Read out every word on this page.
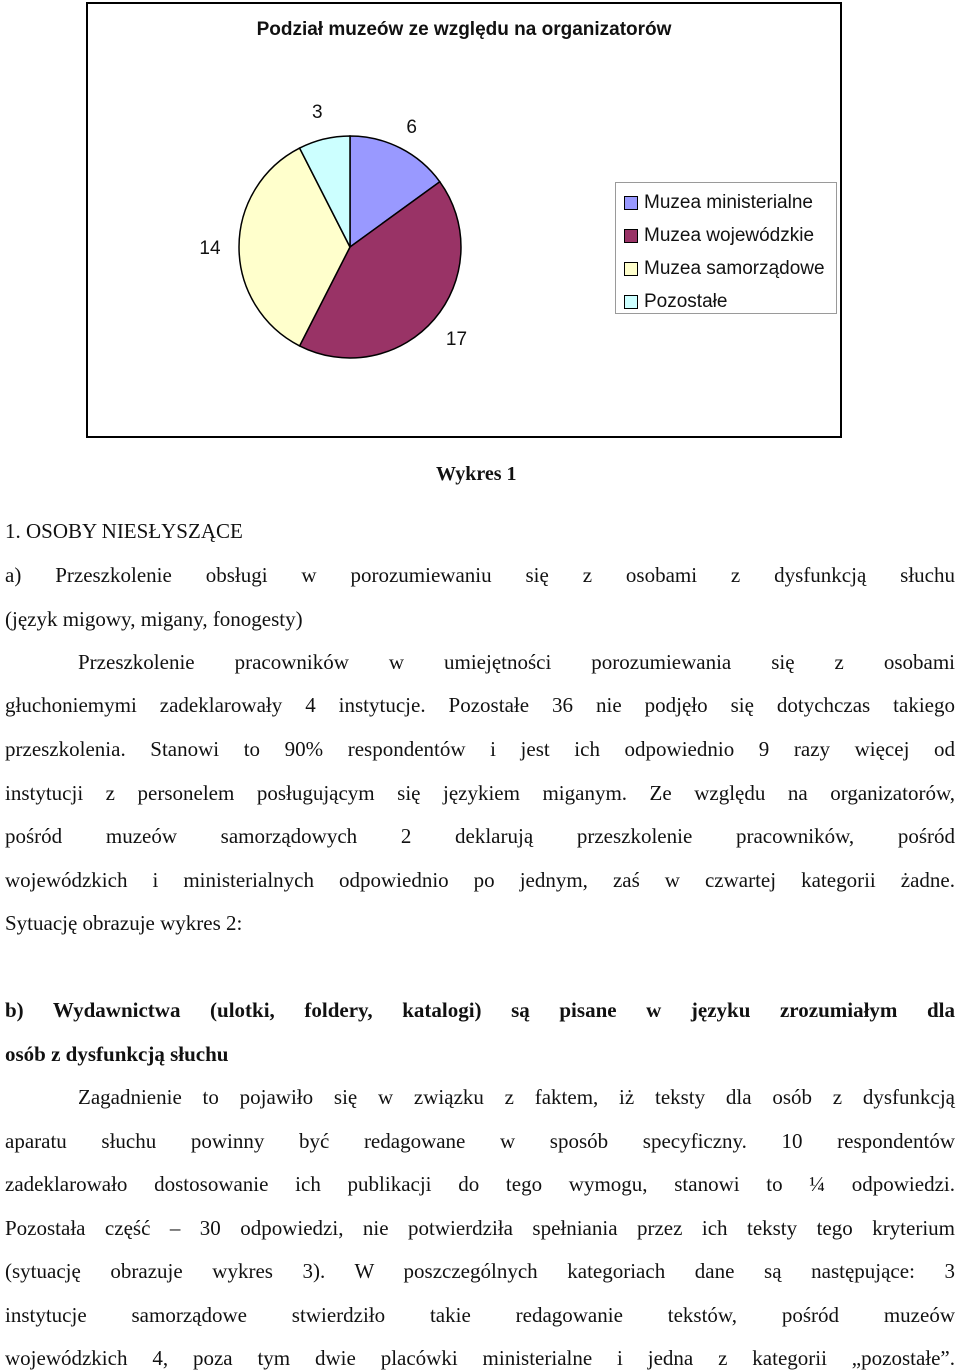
Podział muzeów ze względu na organizatorów
6
17
14
3
Muzea ministerialne
Muzea wojewódzkie
Muzea samorządowe
Pozostałe
Wykres 1
1. OSOBY NIESŁYSZĄCE
a) Przeszkolenie obsługi w porozumiewaniu się z osobami z dysfunkcją słuchu
(język migowy, migany, fonogesty)
Przeszkolenie pracowników w umiejętności porozumiewania się z osobami
głuchoniemymi zadeklarowały 4 instytucje. Pozostałe 36 nie podjęło się dotychczas takiego
przeszkolenia. Stanowi to 90% respondentów i jest ich odpowiednio 9 razy więcej od
instytucji z personelem posługującym się językiem miganym. Ze względu na organizatorów,
pośród muzeów samorządowych 2 deklarują przeszkolenie pracowników, pośród
wojewódzkich i ministerialnych odpowiednio po jednym, zaś w czwartej kategorii żadne.
Sytuację obrazuje wykres 2:
b) Wydawnictwa (ulotki, foldery, katalogi) są pisane w języku zrozumiałym dla
osób z dysfunkcją słuchu
Zagadnienie to pojawiło się w związku z faktem, iż teksty dla osób z dysfunkcją
aparatu słuchu powinny być redagowane w sposób specyficzny. 10 respondentów
zadeklarowało dostosowanie ich publikacji do tego wymogu, stanowi to ¼ odpowiedzi.
Pozostała część – 30 odpowiedzi, nie potwierdziła spełniania przez ich teksty tego kryterium
(sytuację obrazuje wykres 3). W poszczególnych kategoriach dane są następujące: 3
instytucje samorządowe stwierdziło takie redagowanie tekstów, pośród muzeów
wojewódzkich 4, poza tym dwie placówki ministerialne i jedna z kategorii „pozostałe”.
